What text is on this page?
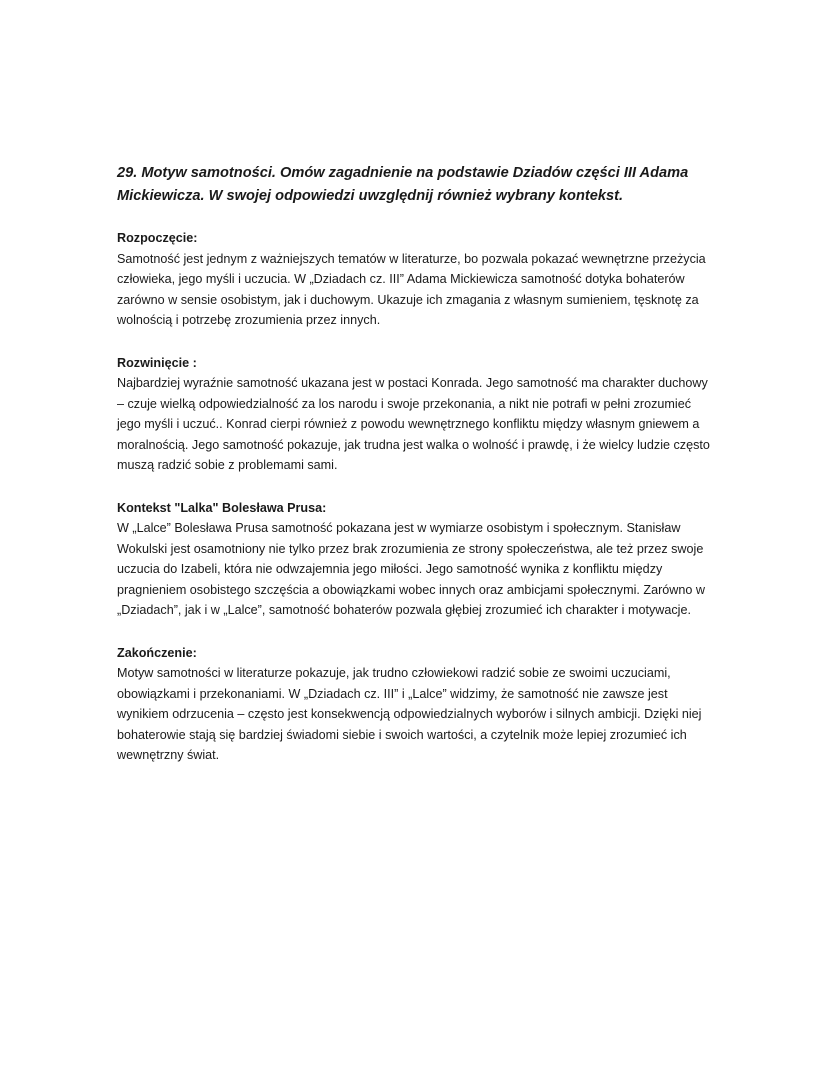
29. Motyw samotności. Omów zagadnienie na podstawie Dziadów części III Adama
Mickiewicza. W swojej odpowiedzi uwzględnij również wybrany kontekst.
Rozpoczęcie:
Samotność jest jednym z ważniejszych tematów w literaturze, bo pozwala pokazać wewnętrzne przeżycia
człowieka, jego myśli i uczucia. W „Dziadach cz. III” Adama Mickiewicza samotność dotyka bohaterów
zarówno w sensie osobistym, jak i duchowym. Ukazuje ich zmagania z własnym sumieniem, tęsknotę za
wolnością i potrzebę zrozumienia przez innych.
Rozwinięcie :
Najbardziej wyraźnie samotność ukazana jest w postaci Konrada. Jego samotność ma charakter duchowy
– czuje wielką odpowiedzialność za los narodu i swoje przekonania, a nikt nie potrafi w pełni zrozumieć
jego myśli i uczuć.. Konrad cierpi również z powodu wewnętrznego konfliktu między własnym gniewem a
moralnością. Jego samotność pokazuje, jak trudna jest walka o wolność i prawdę, i że wielcy ludzie często
muszą radzić sobie z problemami sami.
Kontekst "Lalka" Bolesława Prusa:
W „Lalce” Bolesława Prusa samotność pokazana jest w wymiarze osobistym i społecznym. Stanisław
Wokulski jest osamotniony nie tylko przez brak zrozumienia ze strony społeczeństwa, ale też przez swoje
uczucia do Izabeli, która nie odwzajemnia jego miłości. Jego samotność wynika z konfliktu między
pragnieniem osobistego szczęścia a obowiązkami wobec innych oraz ambicjami społecznymi. Zarówno w
„Dziadach”, jak i w „Lalce”, samotność bohaterów pozwala głębiej zrozumieć ich charakter i motywacje.
Zakończenie:
Motyw samotności w literaturze pokazuje, jak trudno człowiekowi radzić sobie ze swoimi uczuciami,
obowiązkami i przekonaniami. W „Dziadach cz. III” i „Lalce” widzimy, że samotność nie zawsze jest
wynikiem odrzucenia – często jest konsekwencją odpowiedzialnych wyborów i silnych ambicji. Dzięki niej
bohaterowie stają się bardziej świadomi siebie i swoich wartości, a czytelnik może lepiej zrozumieć ich
wewnętrzny świat.
